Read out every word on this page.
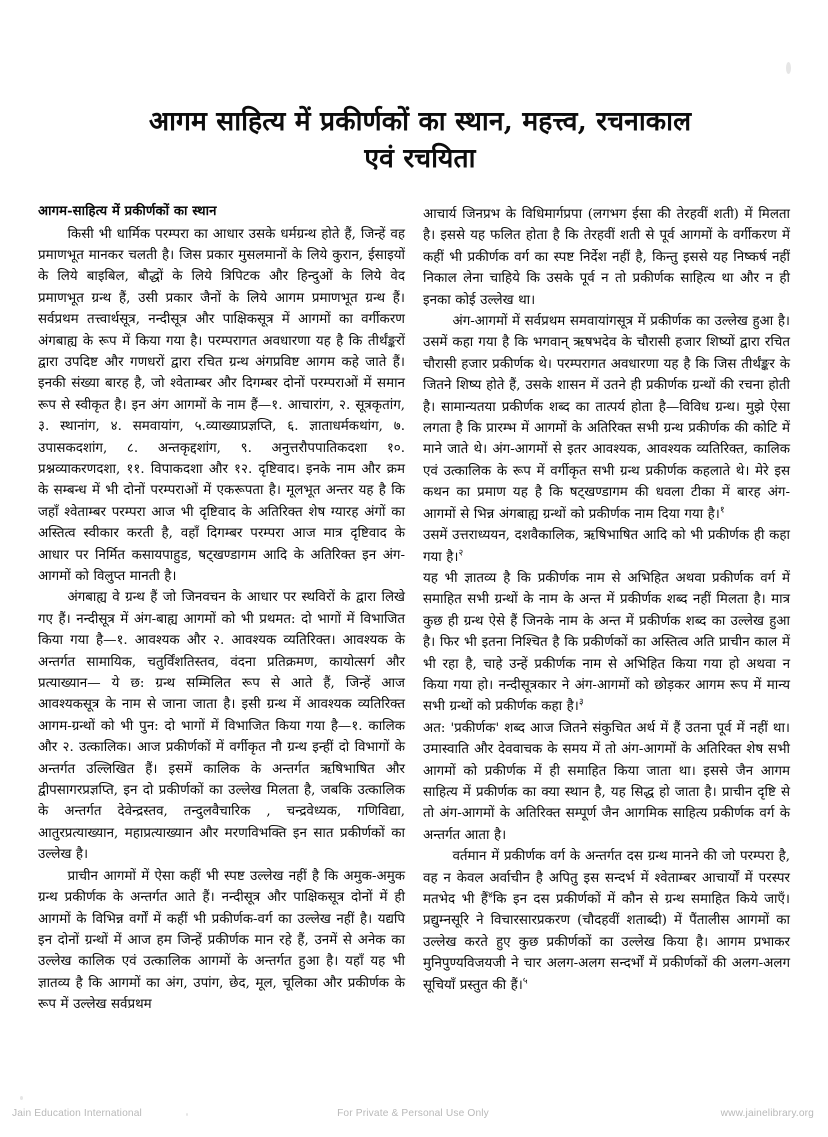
आगम साहित्य में प्रकीर्णकों का स्थान, महत्त्व, रचनाकाल
एवं रचयिता
आगम-साहित्य में प्रकीर्णकों का स्थान

किसी भी धार्मिक परम्परा का आधार उसके धर्मग्रन्थ होते हैं, जिन्हें वह प्रमाणभूत मानकर चलती है। जिस प्रकार मुसलमानों के लिये कुरान, ईसाइयों के लिये बाइबिल, बौद्धों के लिये त्रिपिटक और हिन्दुओं के लिये वेद प्रमाणभूत ग्रन्थ हैं, उसी प्रकार जैनों के लिये आगम प्रमाणभूत ग्रन्थ हैं। सर्वप्रथम तत्त्वार्थसूत्र, नन्दीसूत्र और पाक्षिकसूत्र में आगमों का वर्गीकरण अंगबाह्य के रूप में किया गया है। परम्परागत अवधारणा यह है कि तीर्थंङ्करों द्वारा उपदिष्ट और गणधरों द्वारा रचित ग्रन्थ अंगप्रविष्ट आगम कहे जाते हैं। इनकी संख्या बारह है, जो श्वेताम्बर और दिगम्बर दोनों परम्पराओं में समान रूप से स्वीकृत है। इन अंग आगमों के नाम हैं—१. आचारांग, २. सूत्रकृतांग, ३. स्थानांग, ४. समवायांग, ५.व्याख्याप्रज्ञप्ति, ६. ज्ञाताधर्मकथांग, ७. उपासकदशांग, ८. अन्तकृद्दशांग, ९. अनुत्तरौपपातिकदशा १०. प्रश्नव्याकरणदशा, ११. विपाकदशा और १२. दृष्टिवाद। इनके नाम और क्रम के सम्बन्ध में भी दोनों परम्पराओं में एकरूपता है। मूलभूत अन्तर यह है कि जहाँ श्वेताम्बर परम्परा आज भी दृष्टिवाद के अतिरिक्त शेष ग्यारह अंगों का अस्तित्व स्वीकार करती है, वहाँ दिगम्बर परम्परा आज मात्र दृष्टिवाद के आधार पर निर्मित कसायपाहुड, षट्खण्डागम आदि के अतिरिक्त इन अंग-आगमों को विलुप्त मानती है।

अंगबाह्य वे ग्रन्थ हैं जो जिनवचन के आधार पर स्थविरों के द्वारा लिखे गए हैं। नन्दीसूत्र में अंग-बाह्य आगमों को भी प्रथमत: दो भागों में विभाजित किया गया है—१. आवश्यक और २. आवश्यक व्यतिरिक्त। आवश्यक के अन्तर्गत सामायिक, चतुर्विंशतिस्तव, वंदना प्रतिक्रमण, कायोत्सर्ग और प्रत्याख्यान— ये छ: ग्रन्थ सम्मिलित रूप से आते हैं, जिन्हें आज आवश्यकसूत्र के नाम से जाना जाता है। इसी ग्रन्थ में आवश्यक व्यतिरिक्त आगम-ग्रन्थों को भी पुन: दो भागों में विभाजित किया गया है—१. कालिक और २. उत्कालिक। आज प्रकीर्णकों में वर्गीकृत नौ ग्रन्थ इन्हीं दो विभागों के अन्तर्गत उल्लिखित हैं। इसमें कालिक के अन्तर्गत ऋषिभाषित और द्वीपसागरप्रज्ञप्ति, इन दो प्रकीर्णकों का उल्लेख मिलता है, जबकि उत्कालिक के अन्तर्गत देवेन्द्रस्तव, तन्दुलवैचारिक , चन्द्रवेध्यक, गणिविद्या, आतुरप्रत्याख्यान, महाप्रत्याख्यान और मरणविभक्ति इन सात प्रकीर्णकों का उल्लेख है।

प्राचीन आगमों में ऐसा कहीं भी स्पष्ट उल्लेख नहीं है कि अमुक-अमुक ग्रन्थ प्रकीर्णक के अन्तर्गत आते हैं। नन्दीसूत्र और पाक्षिकसूत्र दोनों में ही आगमों के विभिन्न वर्गों में कहीं भी प्रकीर्णक-वर्ग का उल्लेख नहीं है। यद्यपि इन दोनों ग्रन्थों में आज हम जिन्हें प्रकीर्णक मान रहे हैं, उनमें से अनेक का उल्लेख कालिक एवं उत्कालिक आगमों के अन्तर्गत हुआ है। यहाँ यह भी ज्ञातव्य है कि आगमों का अंग, उपांग, छेद, मूल, चूलिका और प्रकीर्णक के रूप में उल्लेख सर्वप्रथम

आचार्य जिनप्रभ के विधिमार्गप्रपा (लगभग ईसा की तेरहवीं शती) में मिलता है। इससे यह फलित होता है कि तेरहवीं शती से पूर्व आगमों के वर्गीकरण में कहीं भी प्रकीर्णक वर्ग का स्पष्ट निर्देश नहीं है, किन्तु इससे यह निष्कर्ष नहीं निकाल लेना चाहिये कि उसके पूर्व न तो प्रकीर्णक साहित्य था और न ही इनका कोई उल्लेख था।

अंग-आगमों में सर्वप्रथम समवायांगसूत्र में प्रकीर्णक का उल्लेख हुआ है। उसमें कहा गया है कि भगवान् ऋषभदेव के चौरासी हजार शिष्यों द्वारा रचित चौरासी हजार प्रकीर्णक थे। परम्परागत अवधारणा यह है कि जिस तीर्थंङ्कर के जितने शिष्य होते हैं, उसके शासन में उतने ही प्रकीर्णक ग्रन्थों की रचना होती है। सामान्यतया प्रकीर्णक शब्द का तात्पर्य होता है—विविध ग्रन्थ। मुझे ऐसा लगता है कि प्रारम्भ में आगमों के अतिरिक्त सभी ग्रन्थ प्रकीर्णक की कोटि में माने जाते थे। अंग-आगमों से इतर आवश्यक, आवश्यक व्यतिरिक्त, कालिक एवं उत्कालिक के रूप में वर्गीकृत सभी ग्रन्थ प्रकीर्णक कहलाते थे। मेरे इस कथन का प्रमाण यह है कि षट्खण्डागम की धवला टीका में बारह अंग-आगमों से भिन्न अंगबाह्य ग्रन्थों को प्रकीर्णक नाम दिया गया है।$^१$

उसमें उत्तराध्ययन, दशवैकालिक, ऋषिभाषित आदि को भी प्रकीर्णक ही कहा गया है।$^२$

यह भी ज्ञातव्य है कि प्रकीर्णक नाम से अभिहित अथवा प्रकीर्णक वर्ग में समाहित सभी ग्रन्थों के नाम के अन्त में प्रकीर्णक शब्द नहीं मिलता है। मात्र कुछ ही ग्रन्थ ऐसे हैं जिनके नाम के अन्त में प्रकीर्णक शब्द का उल्लेख हुआ है। फिर भी इतना निश्चित है कि प्रकीर्णकों का अस्तित्व अति प्राचीन काल में भी रहा है, चाहे उन्हें प्रकीर्णक नाम से अभिहित किया गया हो अथवा न किया गया हो। नन्दीसूत्रकार ने अंग-आगमों को छोड़कर आगम रूप में मान्य सभी ग्रन्थों को प्रकीर्णक कहा है।$^३$

अत: 'प्रकीर्णक' शब्द आज जितने संकुचित अर्थ में हैं उतना पूर्व में नहीं था। उमास्वाति और देववाचक के समय में तो अंग-आगमों के अतिरिक्त शेष सभी आगमों को प्रकीर्णक में ही समाहित किया जाता था। इससे जैन आगम साहित्य में प्रकीर्णक का क्या स्थान है, यह सिद्ध हो जाता है। प्राचीन दृष्टि से तो अंग-आगमों के अतिरिक्त सम्पूर्ण जैन आगमिक साहित्य प्रकीर्णक वर्ग के अन्तर्गत आता है।

वर्तमान में प्रकीर्णक वर्ग के अन्तर्गत दस ग्रन्थ मानने की जो परम्परा है, वह न केवल अर्वाचीन है अपितु इस सन्दर्भ में श्वेताम्बर आचार्यों में परस्पर मतभेद भी हैं$^४$कि इन दस प्रकीर्णकों में कौन से ग्रन्थ समाहित किये जाएँ। प्रद्युम्नसूरि ने विचारसारप्रकरण (चौदहवीं शताब्दी) में पैंतालीस आगमों का उल्लेख करते हुए कुछ प्रकीर्णकों का उल्लेख किया है। आगम प्रभाकर मुनिपुण्यविजयजी ने चार अलग-अलग सन्दर्भों में प्रकीर्णकों की अलग-अलग सूचियाँ प्रस्तुत की हैं।$^५$

Jain Education International	For Private & Personal Use Only	www.jainelibrary.org
